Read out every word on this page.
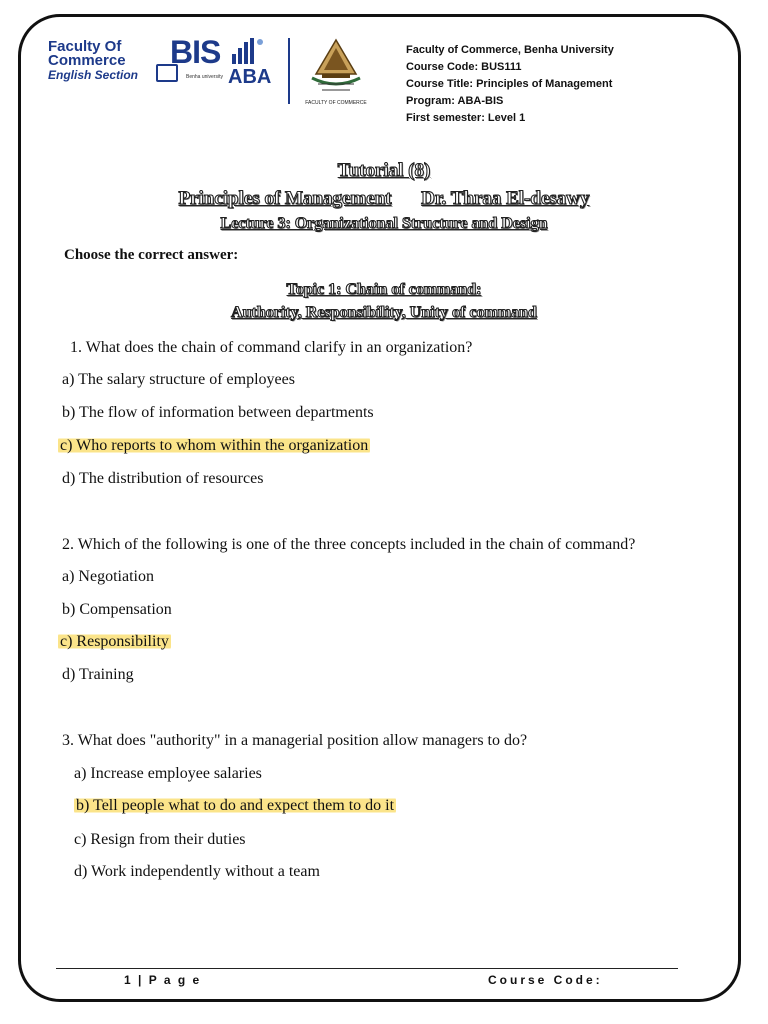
Faculty Of
Commerce
English Section
BIS
Benha university ABA
FACULTY OF COMMERCE
Faculty of Commerce, Benha University
Course Code: BUS111
Course Title: Principles of Management
Program: ABA-BIS
First semester: Level 1
Tutorial (8)
Principles of Management Dr. Thraa El-desawy
Lecture 3: Organizational Structure and Design
Choose the correct answer:
Topic 1: Chain of command:
Authority, Responsibility, Unity of command
1. What does the chain of command clarify in an organization?
a) The salary structure of employees
b) The flow of information between departments
c) Who reports to whom within the organization
d) The distribution of resources
2. Which of the following is one of the three concepts included in the chain of command?
a) Negotiation
b) Compensation
c) Responsibility
d) Training
3. What does "authority" in a managerial position allow managers to do?
a) Increase employee salaries
b) Tell people what to do and expect them to do it
c) Resign from their duties
d) Work independently without a team
1 | P a g e	Course Code:
